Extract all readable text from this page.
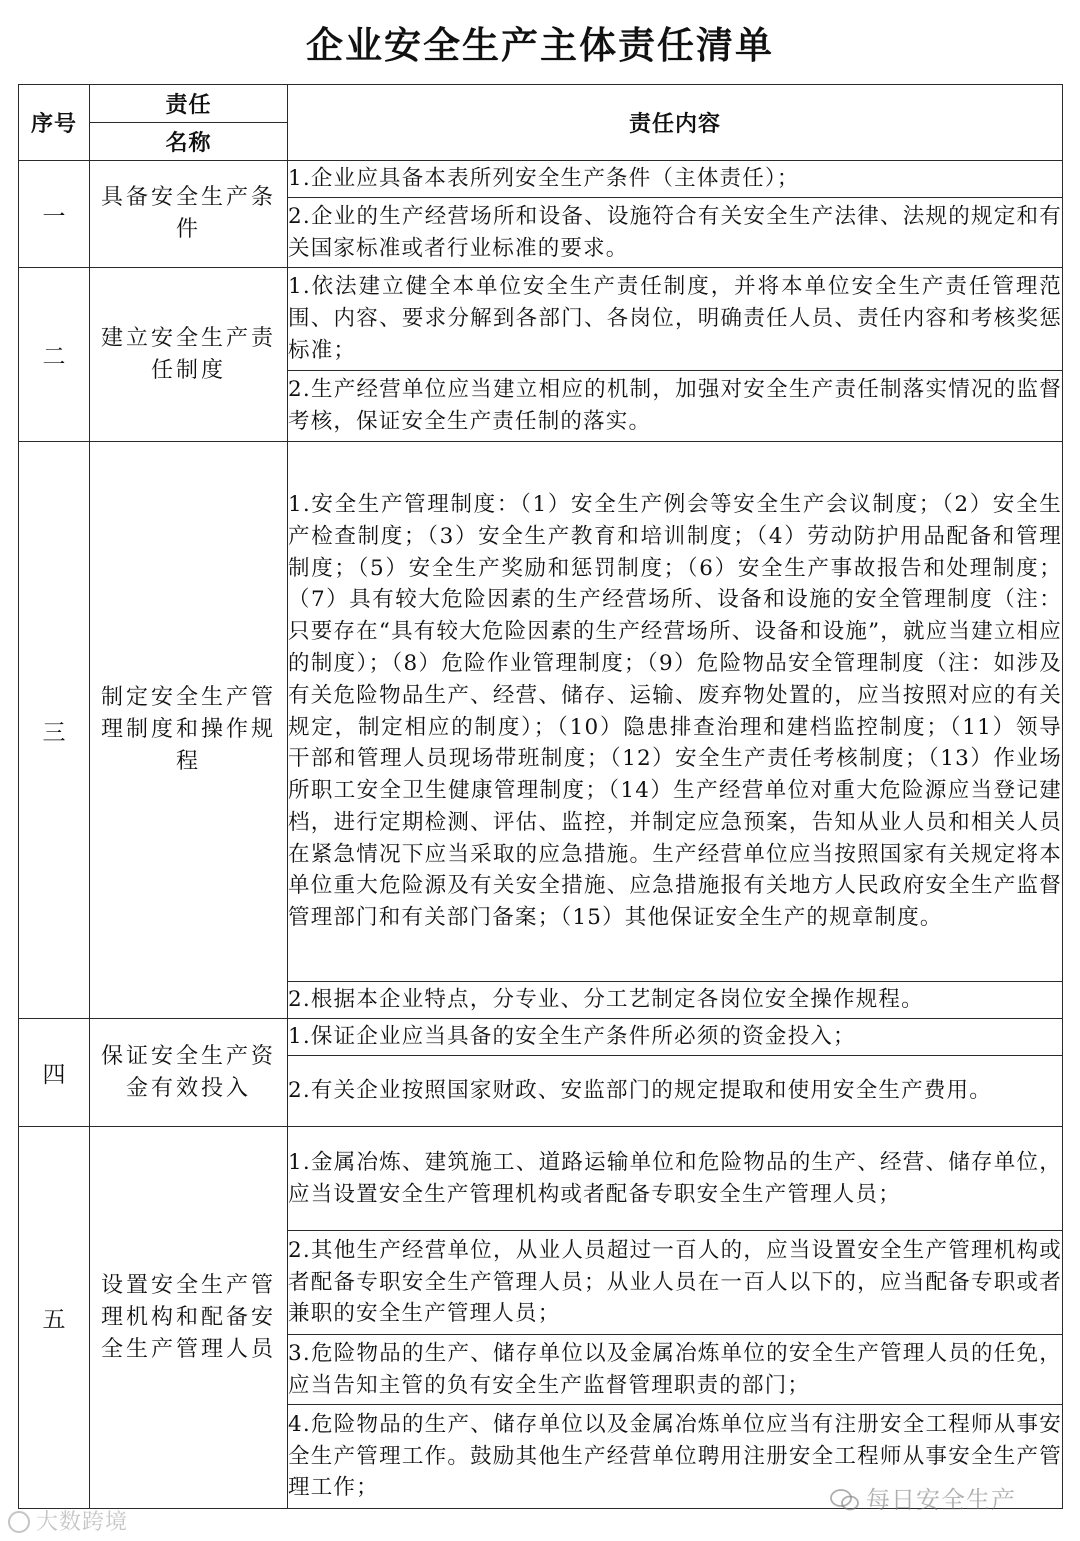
企业安全生产主体责任清单
序号	责任	责任内容
	名称	
一	具备安全生产条件	1.企业应具备本表所列安全生产条件（主体责任）；
		2.企业的生产经营场所和设备、设施符合有关安全生产法律、法规的规定和有关国家标准或者行业标准的要求。
二	建立安全生产责任制度	1.依法建立健全本单位安全生产责任制度，并将本单位安全生产责任管理范围、内容、要求分解到各部门、各岗位，明确责任人员、责任内容和考核奖惩标准；
		2.生产经营单位应当建立相应的机制，加强对安全生产责任制落实情况的监督考核，保证安全生产责任制的落实。
三	制定安全生产管理制度和操作规程	1.安全生产管理制度：（1）安全生产例会等安全生产会议制度；（2）安全生产检查制度；（3）安全生产教育和培训制度；（4）劳动防护用品配备和管理制度；（5）安全生产奖励和惩罚制度；（6）安全生产事故报告和处理制度；（7）具有较大危险因素的生产经营场所、设备和设施的安全管理制度（注：只要存在“具有较大危险因素的生产经营场所、设备和设施”，就应当建立相应的制度）；（8）危险作业管理制度；（9）危险物品安全管理制度（注：如涉及有关危险物品生产、经营、储存、运输、废弃物处置的，应当按照对应的有关规定，制定相应的制度）；（10）隐患排查治理和建档监控制度；（11）领导干部和管理人员现场带班制度；（12）安全生产责任考核制度；（13）作业场所职工安全卫生健康管理制度；（14）生产经营单位对重大危险源应当登记建档，进行定期检测、评估、监控，并制定应急预案，告知从业人员和相关人员在紧急情况下应当采取的应急措施。生产经营单位应当按照国家有关规定将本单位重大危险源及有关安全措施、应急措施报有关地方人民政府安全生产监督管理部门和有关部门备案；（15）其他保证安全生产的规章制度。
		2.根据本企业特点，分专业、分工艺制定各岗位安全操作规程。
四	保证安全生产资金有效投入	1.保证企业应当具备的安全生产条件所必须的资金投入；
		2.有关企业按照国家财政、安监部门的规定提取和使用安全生产费用。
五	设置安全生产管理机构和配备安全生产管理人员	1.金属冶炼、建筑施工、道路运输单位和危险物品的生产、经营、储存单位，应当设置安全生产管理机构或者配备专职安全生产管理人员；
		2.其他生产经营单位，从业人员超过一百人的，应当设置安全生产管理机构或者配备专职安全生产管理人员；从业人员在一百人以下的，应当配备专职或者兼职的安全生产管理人员；
		3.危险物品的生产、储存单位以及金属冶炼单位的安全生产管理人员的任免，应当告知主管的负有安全生产监督管理职责的部门；
		4.危险物品的生产、储存单位以及金属冶炼单位应当有注册安全工程师从事安全生产管理工作。鼓励其他生产经营单位聘用注册安全工程师从事安全生产管理工作；
大数跨境
每日安全生产
